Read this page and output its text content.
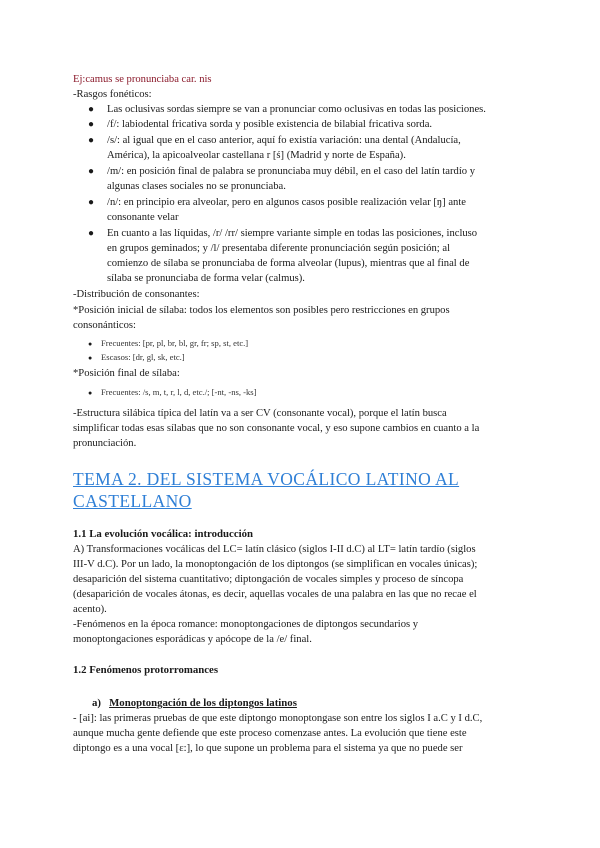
Ej:camus se pronunciaba car. nis
-Rasgos fonéticos:
● Las oclusivas sordas siempre se van a pronunciar como oclusivas en todas las posiciones.
● /f/: labiodental fricativa sorda y posible existencia de bilabial fricativa sorda.
● /s/: al igual que en el caso anterior, aquí fo existía variación: una dental (Andalucía,
América), la apicoalveolar castellana r [ś] (Madrid y norte de España).
● /m/: en posición final de palabra se pronunciaba muy débil, en el caso del latín tardío y
algunas clases sociales no se pronunciaba.
● /n/: en principio era alveolar, pero en algunos casos posible realización velar [ŋ] ante
consonante velar
● En cuanto a las líquidas, /r/ /rr/ siempre variante simple en todas las posiciones, incluso
en grupos geminados; y /l/ presentaba diferente pronunciación según posición; al
comienzo de sílaba se pronunciaba de forma alveolar (lupus), mientras que al final de
sílaba se pronunciaba de forma velar (calmus).
-Distribución de consonantes:
*Posición inicial de sílaba: todos los elementos son posibles pero restricciones en grupos
consonánticos:
● Frecuentes: [pr, pl, br, bl, gr, fr; sp, st, etc.]
● Escasos: [dr, gl, sk, etc.]
*Posición final de sílaba:
● Frecuentes: /s, m, t, r, l, d, etc./; [-nt, -ns, -ks]
-Estructura silábica típica del latín va a ser CV (consonante vocal), porque el latín busca
simplificar todas esas sílabas que no son consonante vocal, y eso supone cambios en cuanto a la
pronunciación.
TEMA 2. DEL SISTEMA VOCÁLICO LATINO AL
CASTELLANO
1.1 La evolución vocálica: introducción
A) Transformaciones vocálicas del LC= latín clásico (siglos I-II d.C) al LT= latín tardío (siglos
III-V d.C). Por un lado, la monoptongación de los diptongos (se simplifican en vocales únicas);
desaparición del sistema cuantitativo; diptongación de vocales simples y proceso de síncopa
(desaparición de vocales átonas, es decir, aquellas vocales de una palabra en las que no recae el
acento).
-Fenómenos en la época romance: monoptongaciones de diptongos secundarios y
monoptongaciones esporádicas y apócope de la /e/ final.
1.2 Fenómenos protorromances
a) Monoptongación de los diptongos latinos
- [ai]: las primeras pruebas de que este diptongo monoptongase son entre los siglos I a.C y I d.C,
aunque mucha gente defiende que este proceso comenzase antes. La evolución que tiene este
diptongo es a una vocal [ɛ:], lo que supone un problema para el sistema ya que no puede ser
